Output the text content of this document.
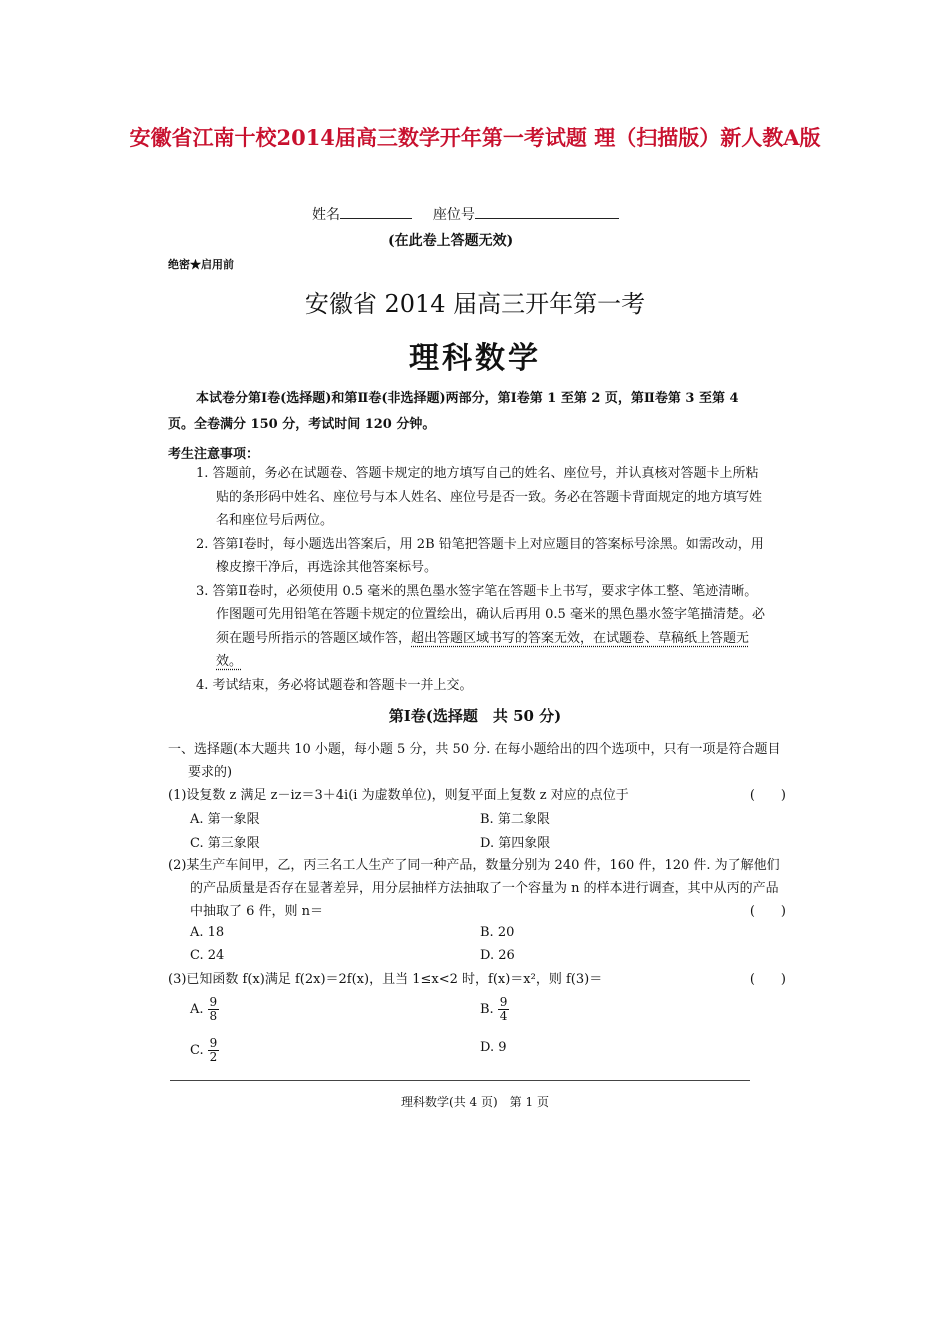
安徽省江南十校2014届高三数学开年第一考试题 理（扫描版）新人教A版
姓名	座位号
(在此卷上答题无效)
绝密★启用前
安徽省 2014 届高三开年第一考
理科数学
本试卷分第Ⅰ卷(选择题)和第Ⅱ卷(非选择题)两部分，第Ⅰ卷第 1 至第 2 页，第Ⅱ卷第 3 至第 4 页。全卷满分 150 分，考试时间 120 分钟。
考生注意事项：
1. 答题前，务必在试题卷、答题卡规定的地方填写自己的姓名、座位号，并认真核对答题卡上所粘贴的条形码中姓名、座位号与本人姓名、座位号是否一致。务必在答题卡背面规定的地方填写姓名和座位号后两位。
2. 答第Ⅰ卷时，每小题选出答案后，用 2B 铅笔把答题卡上对应题目的答案标号涂黑。如需改动，用橡皮擦干净后，再选涂其他答案标号。
3. 答第Ⅱ卷时，必须使用 0.5 毫米的黑色墨水签字笔在答题卡上书写，要求字体工整、笔迹清晰。作图题可先用铅笔在答题卡规定的位置绘出，确认后再用 0.5 毫米的黑色墨水签字笔描清楚。必须在题号所指示的答题区域作答，超出答题区域书写的答案无效，在试题卷、草稿纸上答题无效。
4. 考试结束，务必将试题卷和答题卡一并上交。
第Ⅰ卷(选择题　共 50 分)
一、选择题(本大题共 10 小题，每小题 5 分，共 50 分. 在每小题给出的四个选项中，只有一项是符合题目要求的)
(1)设复数 z 满足 z－iz＝3＋4i(i 为虚数单位)，则复平面上复数 z 对应的点位于	(　　)
A. 第一象限	B. 第二象限
C. 第三象限	D. 第四象限
(2)某生产车间甲，乙，丙三名工人生产了同一种产品，数量分别为 240 件，160 件，120 件. 为了解他们的产品质量是否存在显著差异，用分层抽样方法抽取了一个容量为 n 的样本进行调查，其中从丙的产品中抽取了 6 件，则 n＝	(　　)
A. 18	B. 20
C. 24	D. 26
(3)已知函数 f(x)满足 f(2x)＝2f(x)，且当 1≤x<2 时，f(x)＝x²，则 f(3)＝	(　　)
A. $\frac{9}{8}$	B. $\frac{9}{4}$
C. $\frac{9}{2}$	D. 9
理科数学(共 4 页)　第 1 页
